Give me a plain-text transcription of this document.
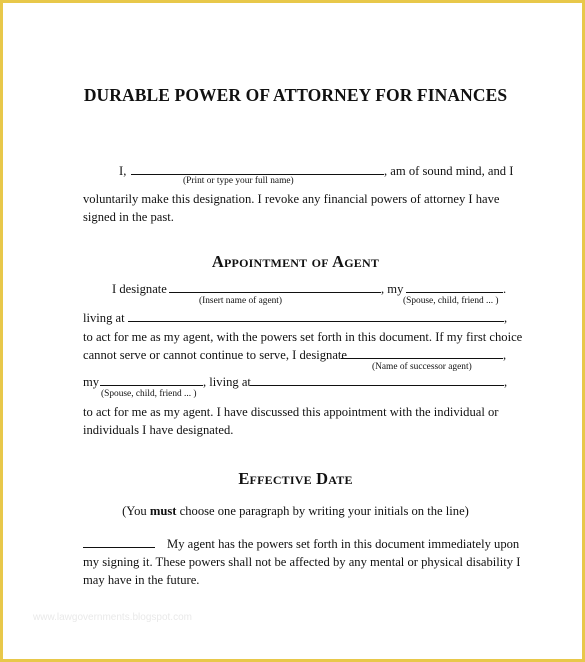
DURABLE POWER OF ATTORNEY FOR FINANCES
I,	, am of sound mind, and I
(Print or type your full name)
voluntarily make this designation. I revoke any financial powers of attorney I have
signed in the past.
Appointment of Agent
I designate	, my	.
(Insert name of agent)	(Spouse, child, friend ... )
living at	,
to act for me as my agent, with the powers set forth in this document. If my first choice
cannot serve or cannot continue to serve, I designate	,
(Name of successor agent)
my	, living at	,
(Spouse, child, friend ... )
to act for me as my agent. I have discussed this appointment with the individual or
individuals I have designated.
Effective Date
(You must choose one paragraph by writing your initials on the line)
My agent has the powers set forth in this document immediately upon
my signing it. These powers shall not be affected by any mental or physical disability I
may have in the future.
www.lawgovernments.blogspot.com
